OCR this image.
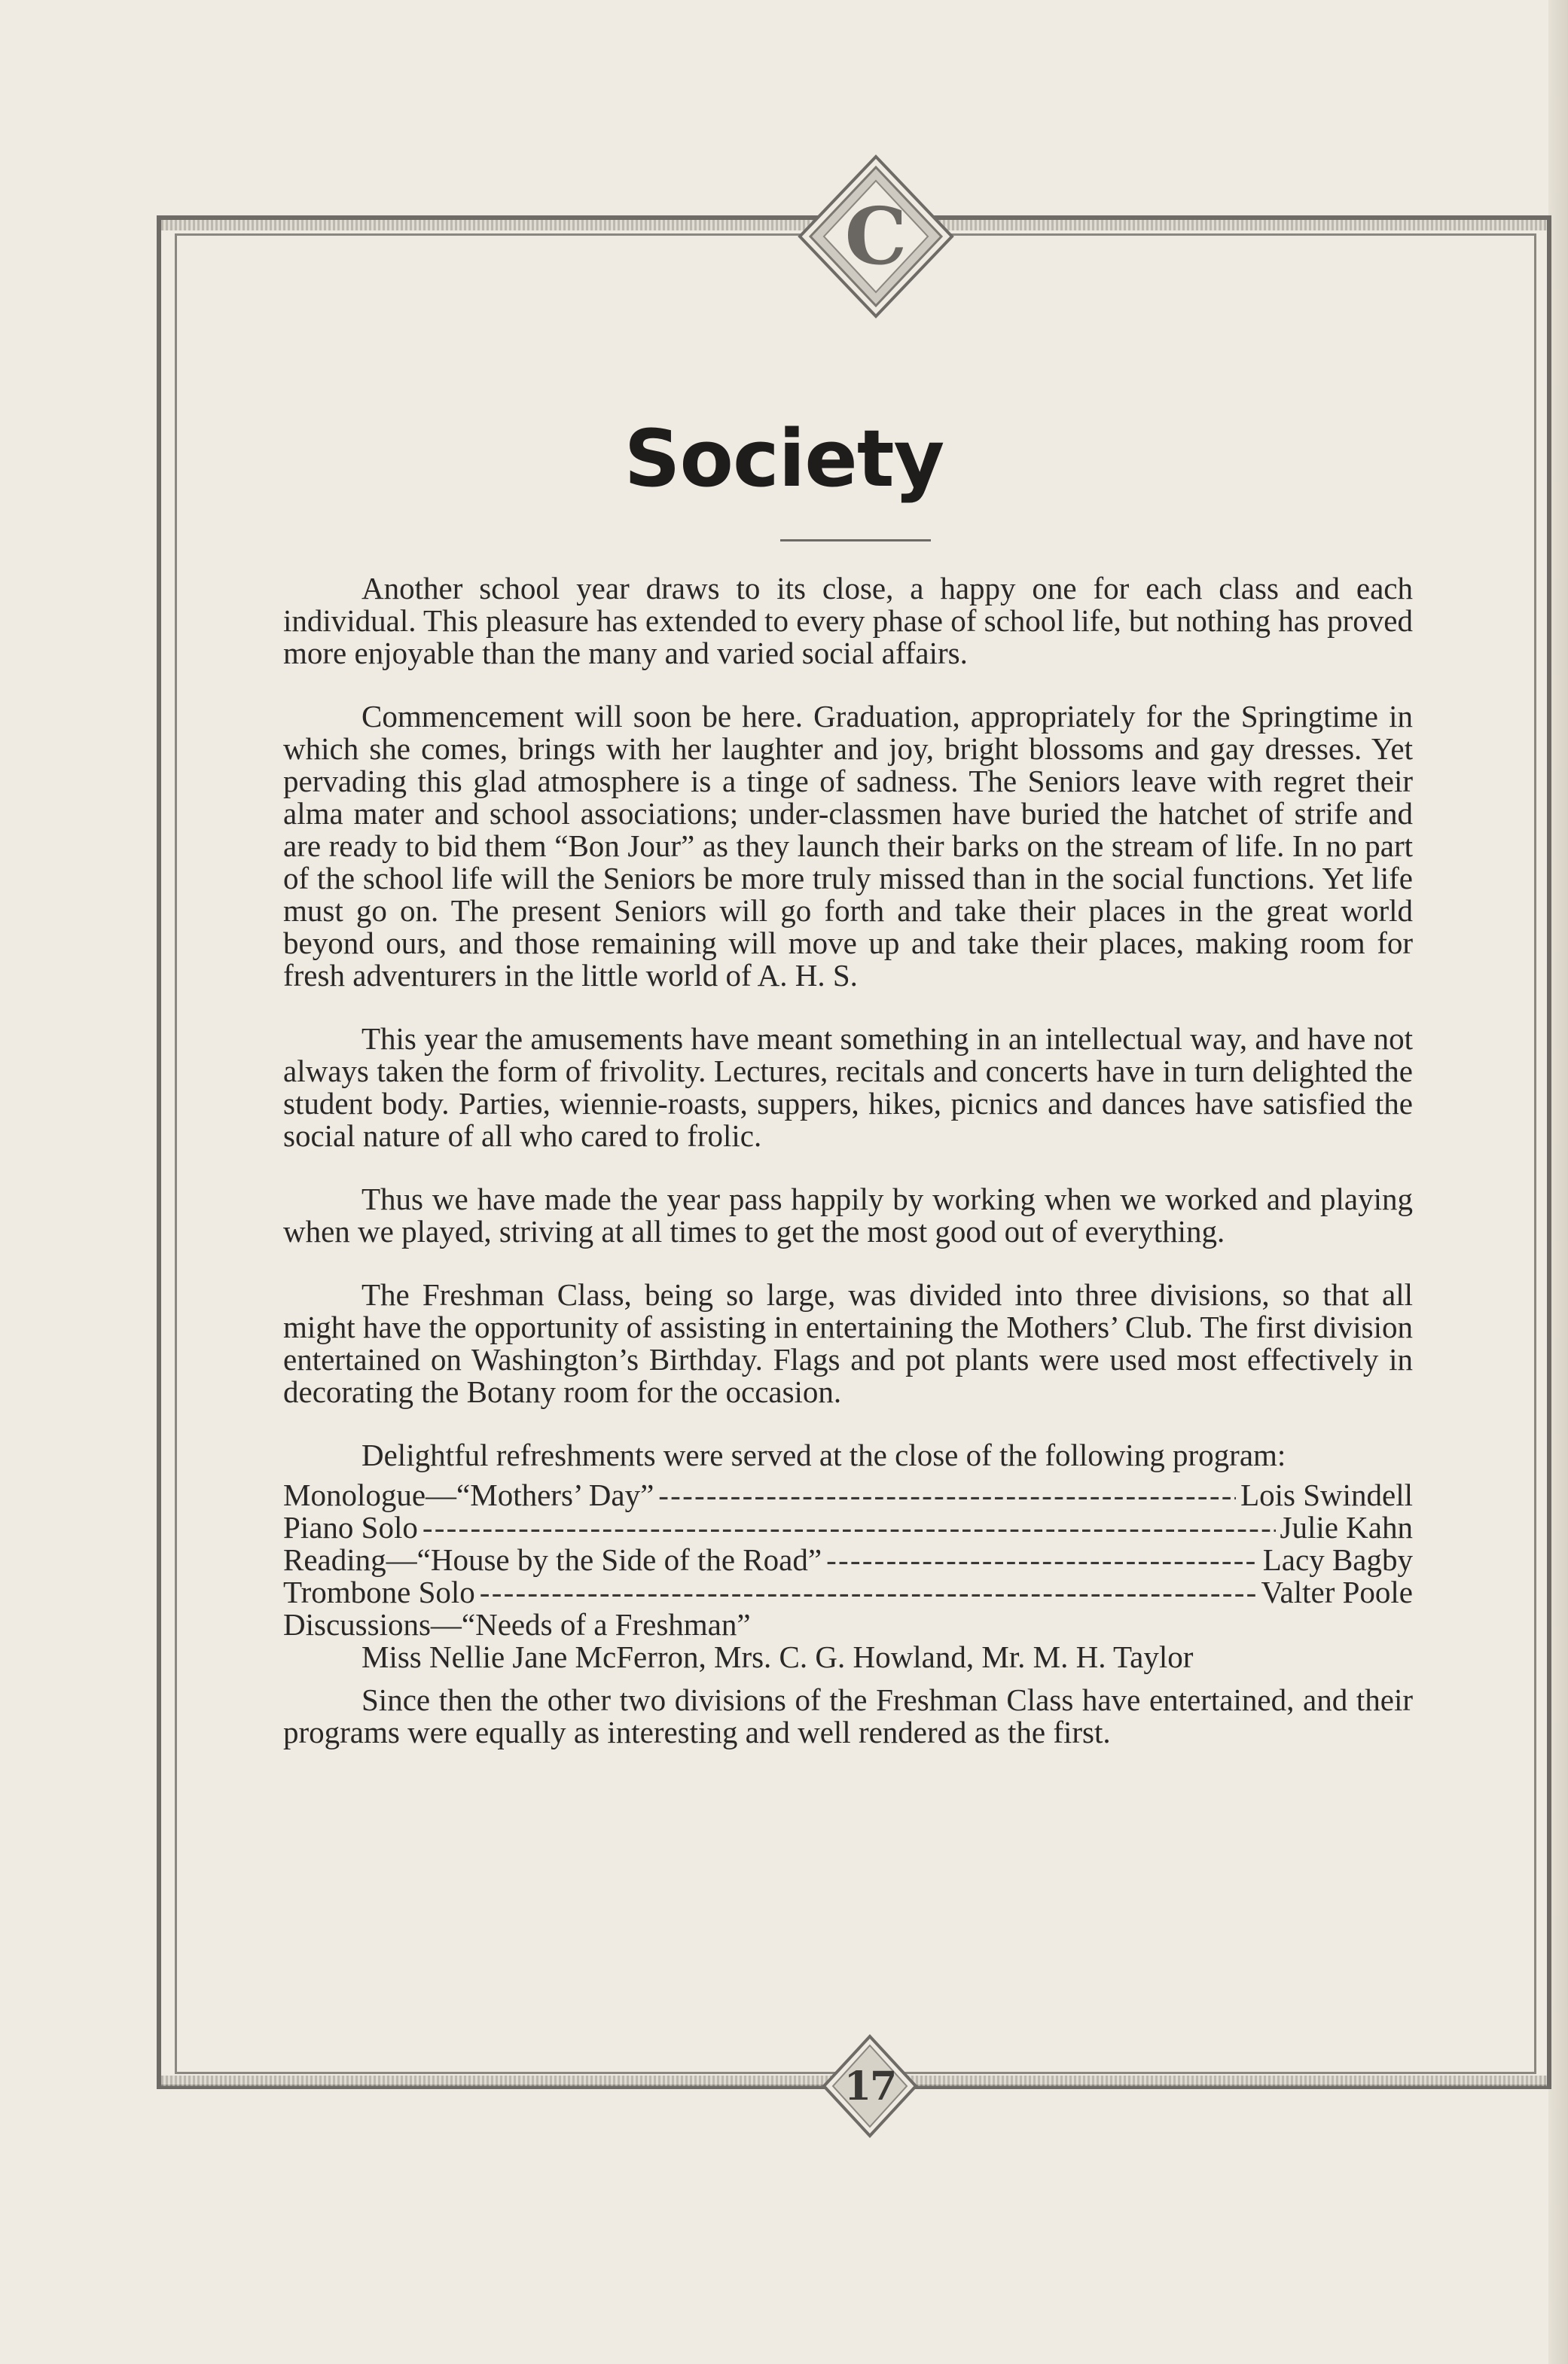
C
17
Society

Another school year draws to its close, a happy one for each class and each individual. This pleasure has extended to every phase of school life, but nothing has proved more enjoyable than the many and varied social affairs.

Commencement will soon be here. Graduation, appropriately for the Springtime in which she comes, brings with her laughter and joy, bright blossoms and gay dresses. Yet pervading this glad atmosphere is a tinge of sadness. The Seniors leave with regret their alma mater and school associations; under-classmen have buried the hatchet of strife and are ready to bid them “Bon Jour” as they launch their barks on the stream of life. In no part of the school life will the Seniors be more truly missed than in the social functions. Yet life must go on. The present Seniors will go forth and take their places in the great world beyond ours, and those remaining will move up and take their places, making room for fresh adventurers in the little world of A. H. S.

This year the amusements have meant something in an intellectual way, and have not always taken the form of frivolity. Lectures, recitals and concerts have in turn delighted the student body. Parties, wiennie-roasts, suppers, hikes, picnics and dances have satisfied the social nature of all who cared to frolic.

Thus we have made the year pass happily by working when we worked and playing when we played, striving at all times to get the most good out of everything.

The Freshman Class, being so large, was divided into three divisions, so that all might have the opportunity of assisting in entertaining the Mothers’ Club. The first division entertained on Washington’s Birthday. Flags and pot plants were used most effectively in decorating the Botany room for the occasion.

Delightful refreshments were served at the close of the following program:

Monologue—“Mothers’ Day” - - -	Lois Swindell
Piano Solo - - -	Julie Kahn
Reading—“House by the Side of the Road” - - -	Lacy Bagby
Trombone Solo - - -	Valter Poole
Discussions—“Needs of a Freshman”
Miss Nellie Jane McFerron, Mrs. C. G. Howland, Mr. M. H. Taylor

Since then the other two divisions of the Freshman Class have entertained, and their programs were equally as interesting and well rendered as the first.
